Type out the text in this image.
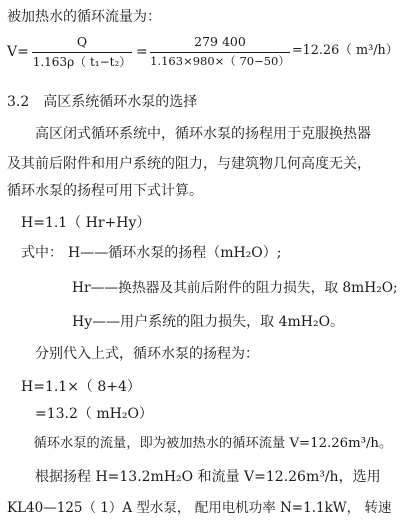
被加热水的循环流量为：
V=
Q
1.163ρ（ t₁−t₂）
=
279 400
1.163×980×（ 70−50）
=12.26（ m³/h）
3.2　高区系统循环水泵的选择
　　高区闭式循环系统中，循环水泵的扬程用于克服换热器
及其前后附件和用户系统的阻力，与建筑物几何高度无关，
循环水泵的扬程可用下式计算。
　H=1.1（ Hr+Hy）
　式中： H——循环水泵的扬程（mH₂O）;
Hr——换热器及其前后附件的阻力损失，取 8mH₂O;
Hy——用户系统的阻力损失，取 4mH₂O。
　　分别代入上式，循环水泵的扬程为：
　H=1.1×（ 8+4）
　　=13.2（ mH₂O）
　　循环水泵的流量，即为被加热水的循环流量 V=12.26m³/h。
　　根据扬程 H=13.2mH₂O 和流量 V=12.26m³/h，选用
KL40—125（ 1）A 型水泵， 配用电机功率 N=1.1kW， 转速
